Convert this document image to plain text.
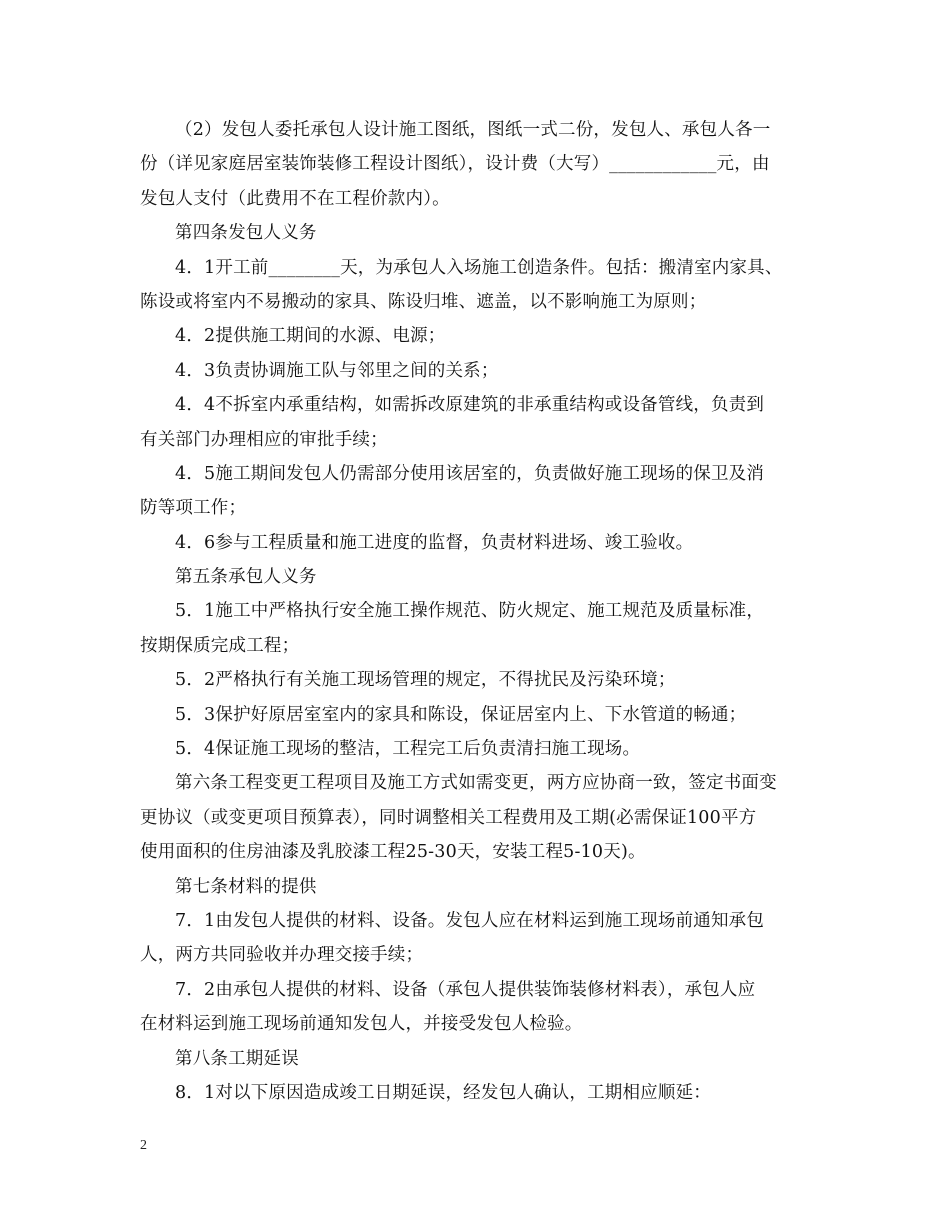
（2）发包人委托承包人设计施工图纸，图纸一式二份，发包人、承包人各一
份（详见家庭居室装饰装修工程设计图纸），设计费（大写）____________元，由
发包人支付（此费用不在工程价款内）。
第四条发包人义务
4．1开工前________天，为承包人入场施工创造条件。包括：搬清室内家具、
陈设或将室内不易搬动的家具、陈设归堆、遮盖，以不影响施工为原则；
4．2提供施工期间的水源、电源；
4．3负责协调施工队与邻里之间的关系；
4．4不拆室内承重结构，如需拆改原建筑的非承重结构或设备管线，负责到
有关部门办理相应的审批手续；
4．5施工期间发包人仍需部分使用该居室的，负责做好施工现场的保卫及消
防等项工作；
4．6参与工程质量和施工进度的监督，负责材料进场、竣工验收。
第五条承包人义务
5．1施工中严格执行安全施工操作规范、防火规定、施工规范及质量标准，
按期保质完成工程；
5．2严格执行有关施工现场管理的规定，不得扰民及污染环境；
5．3保护好原居室室内的家具和陈设，保证居室内上、下水管道的畅通；
5．4保证施工现场的整洁，工程完工后负责清扫施工现场。
第六条工程变更工程项目及施工方式如需变更，两方应协商一致，签定书面变
更协议（或变更项目预算表），同时调整相关工程费用及工期(必需保证100平方
使用面积的住房油漆及乳胶漆工程25-30天，安装工程5-10天)。
第七条材料的提供
7．1由发包人提供的材料、设备。发包人应在材料运到施工现场前通知承包
人，两方共同验收并办理交接手续；
7．2由承包人提供的材料、设备（承包人提供装饰装修材料表），承包人应
在材料运到施工现场前通知发包人，并接受发包人检验。
第八条工期延误
8．1对以下原因造成竣工日期延误，经发包人确认，工期相应顺延：
2
